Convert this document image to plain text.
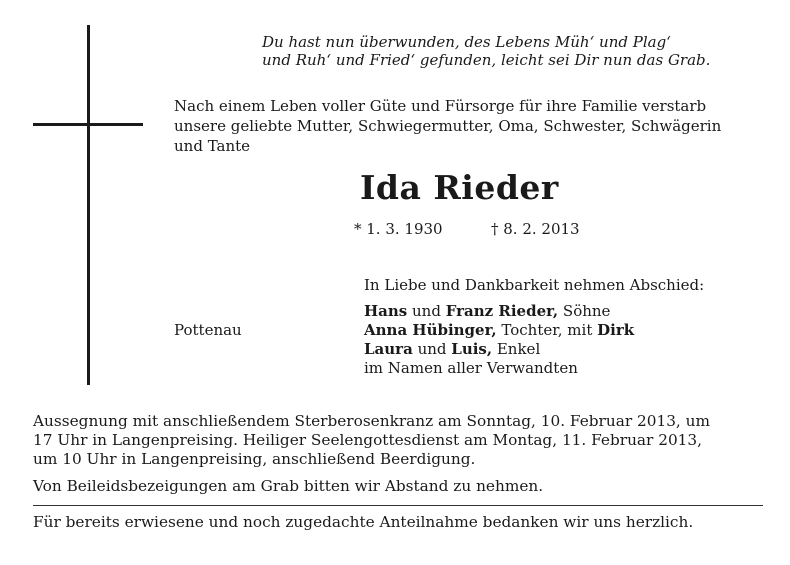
Du hast nun überwunden, des Lebens Müh‘ und Plag‘
und Ruh‘ und Fried‘ gefunden, leicht sei Dir nun das Grab.
Nach einem Leben voller Güte und Fürsorge für ihre Familie verstarb
unsere geliebte Mutter, Schwiegermutter, Oma, Schwester, Schwägerin
und Tante
Ida Rieder
* 1. 3. 1930	† 8. 2. 2013
In Liebe und Dankbarkeit nehmen Abschied:
Hans und Franz Rieder, Söhne
Anna Hübinger, Tochter, mit Dirk
Laura und Luis, Enkel
im Namen aller Verwandten
Pottenau
Aussegnung mit anschließendem Sterberosenkranz am Sonntag, 10. Februar 2013, um
17 Uhr in Langenpreising. Heiliger Seelengottesdienst am Montag, 11. Februar 2013,
um 10 Uhr in Langenpreising, anschließend Beerdigung.
Von Beileidsbezeigungen am Grab bitten wir Abstand zu nehmen.
Für bereits erwiesene und noch zugedachte Anteilnahme bedanken wir uns herzlich.
